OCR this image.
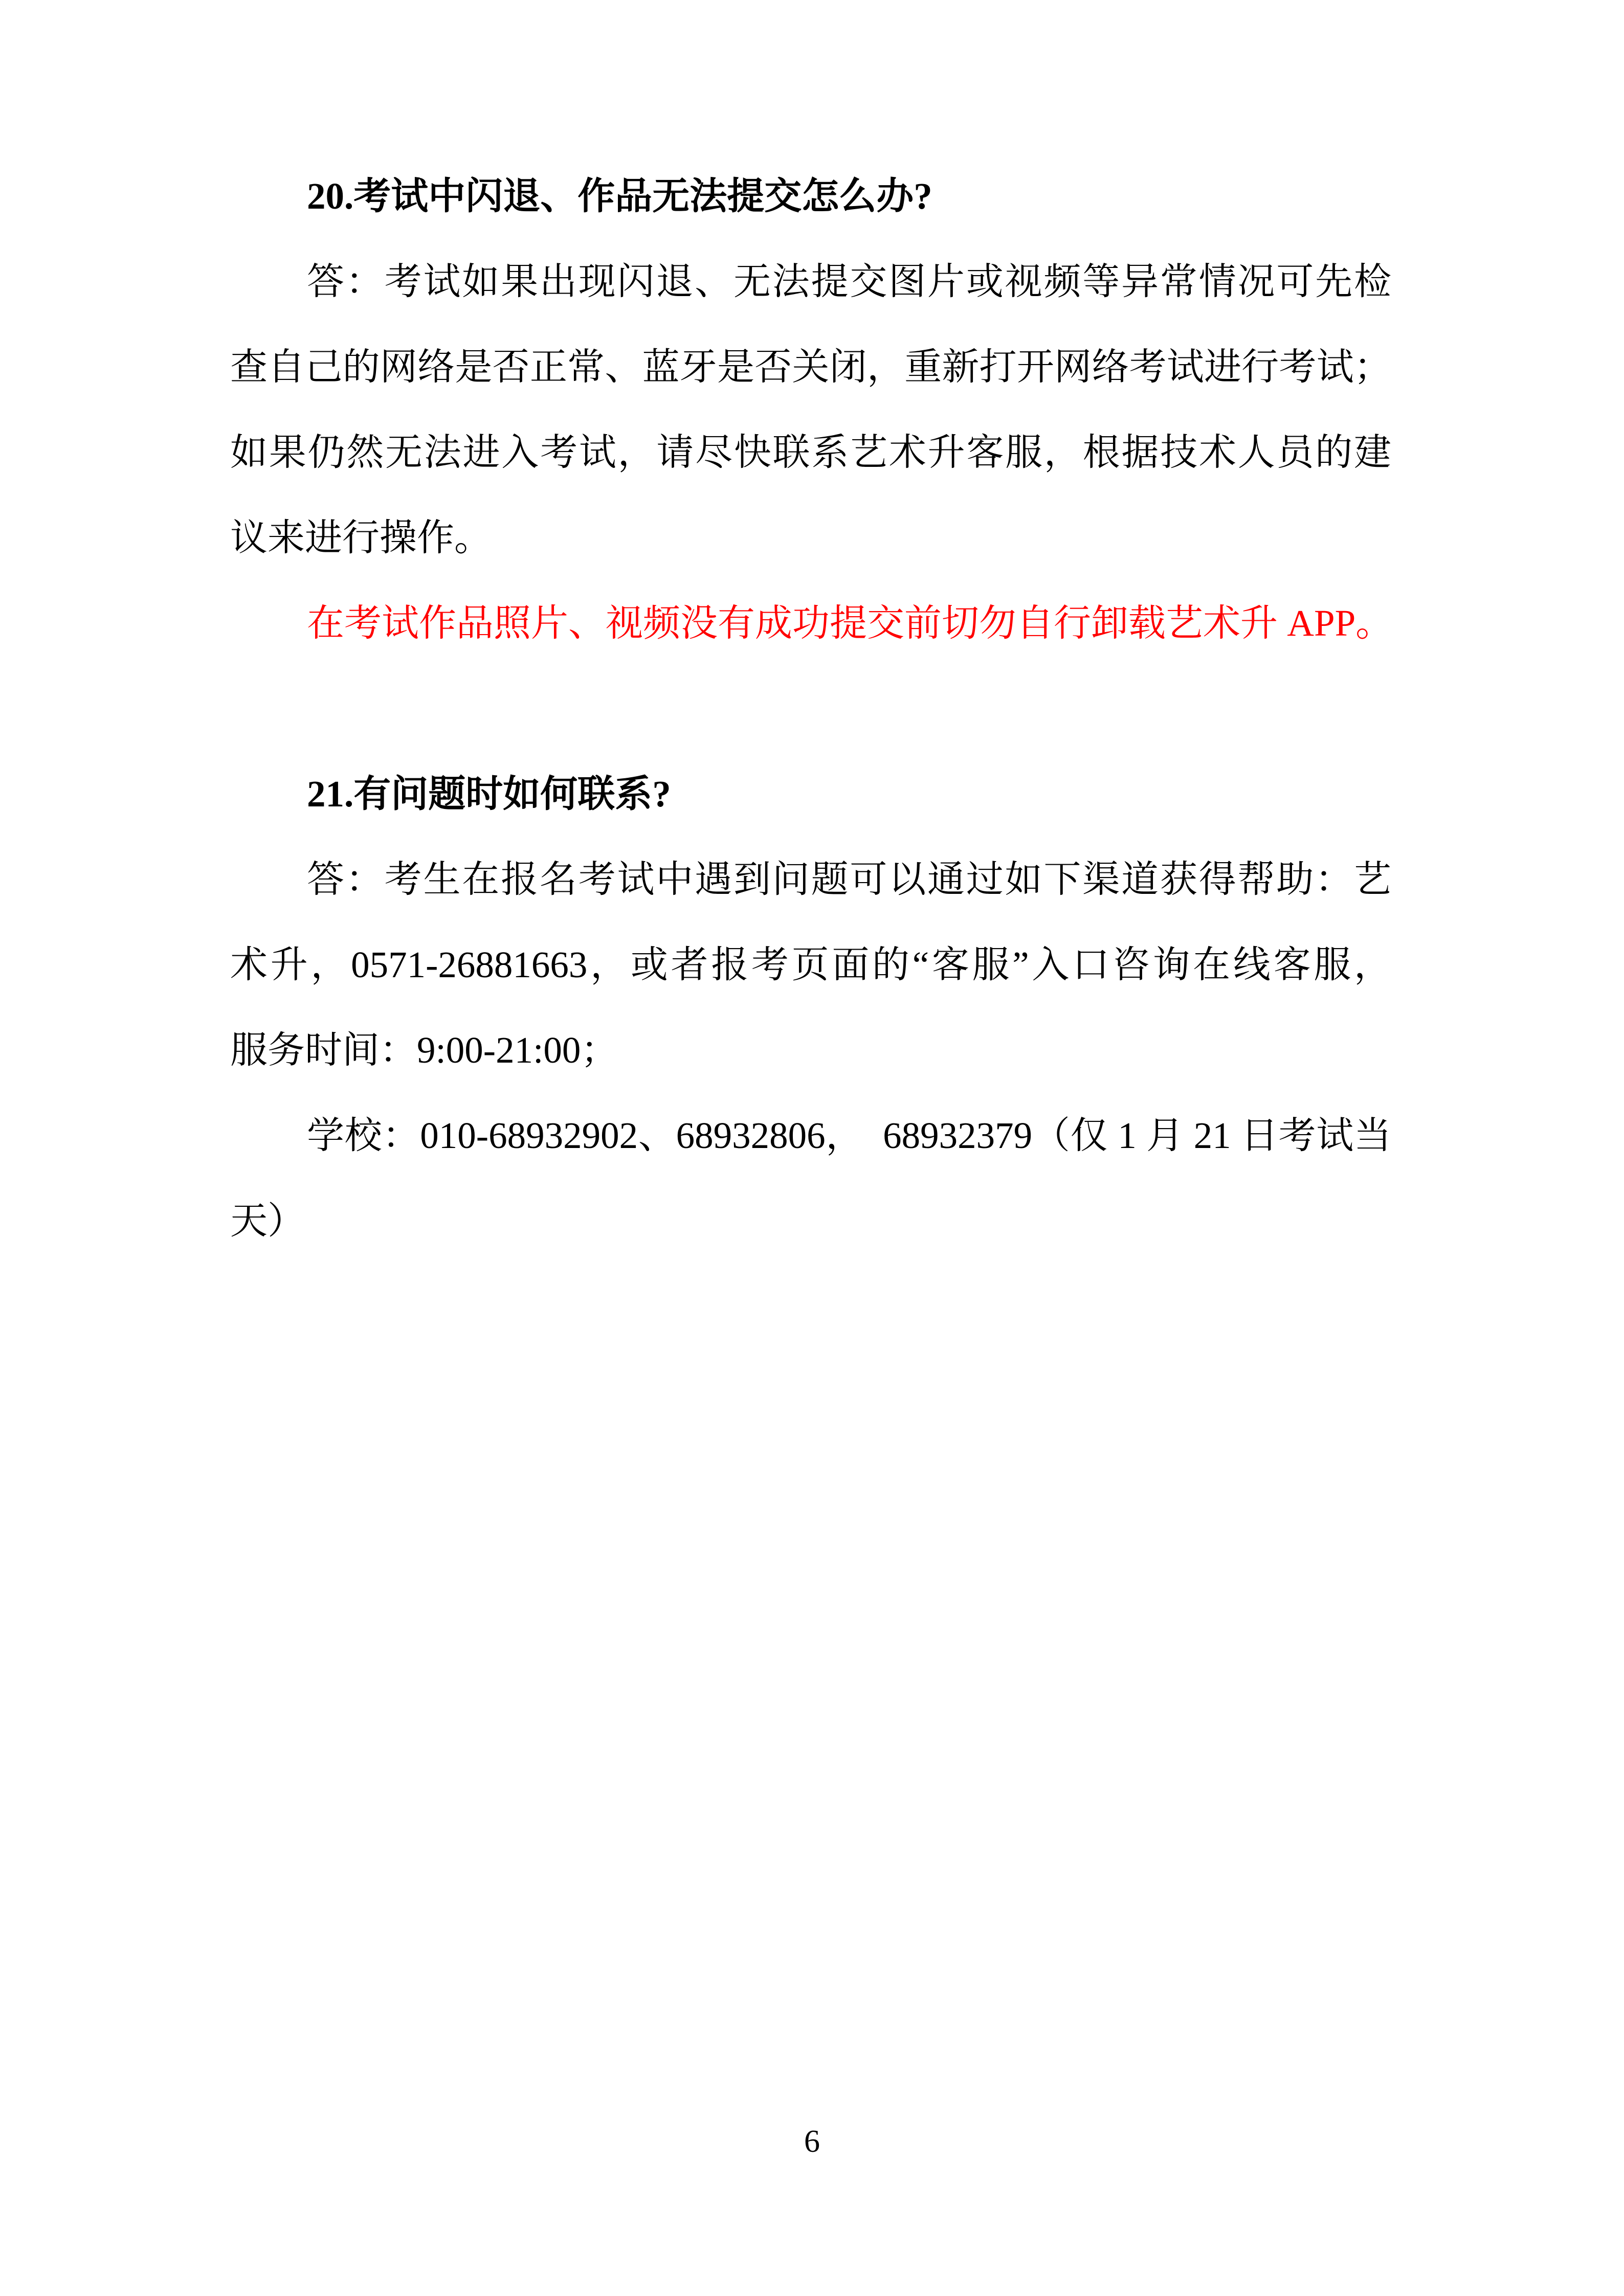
20.考试中闪退、作品无法提交怎么办?
答：考试如果出现闪退、无法提交图片或视频等异常情况可先检
查自己的网络是否正常、蓝牙是否关闭，重新打开网络考试进行考试；
如果仍然无法进入考试，请尽快联系艺术升客服，根据技术人员的建
议来进行操作。
在考试作品照片、视频没有成功提交前切勿自行卸载艺术升 APP。
21.有问题时如何联系?
答：考生在报名考试中遇到问题可以通过如下渠道获得帮助：艺
术升，0571-26881663，或者报考页面的“客服”入口咨询在线客服，
服务时间：9:00-21:00；
学校：010-68932902、68932806，  68932379（仅 1 月 21 日考试当
天）
6
